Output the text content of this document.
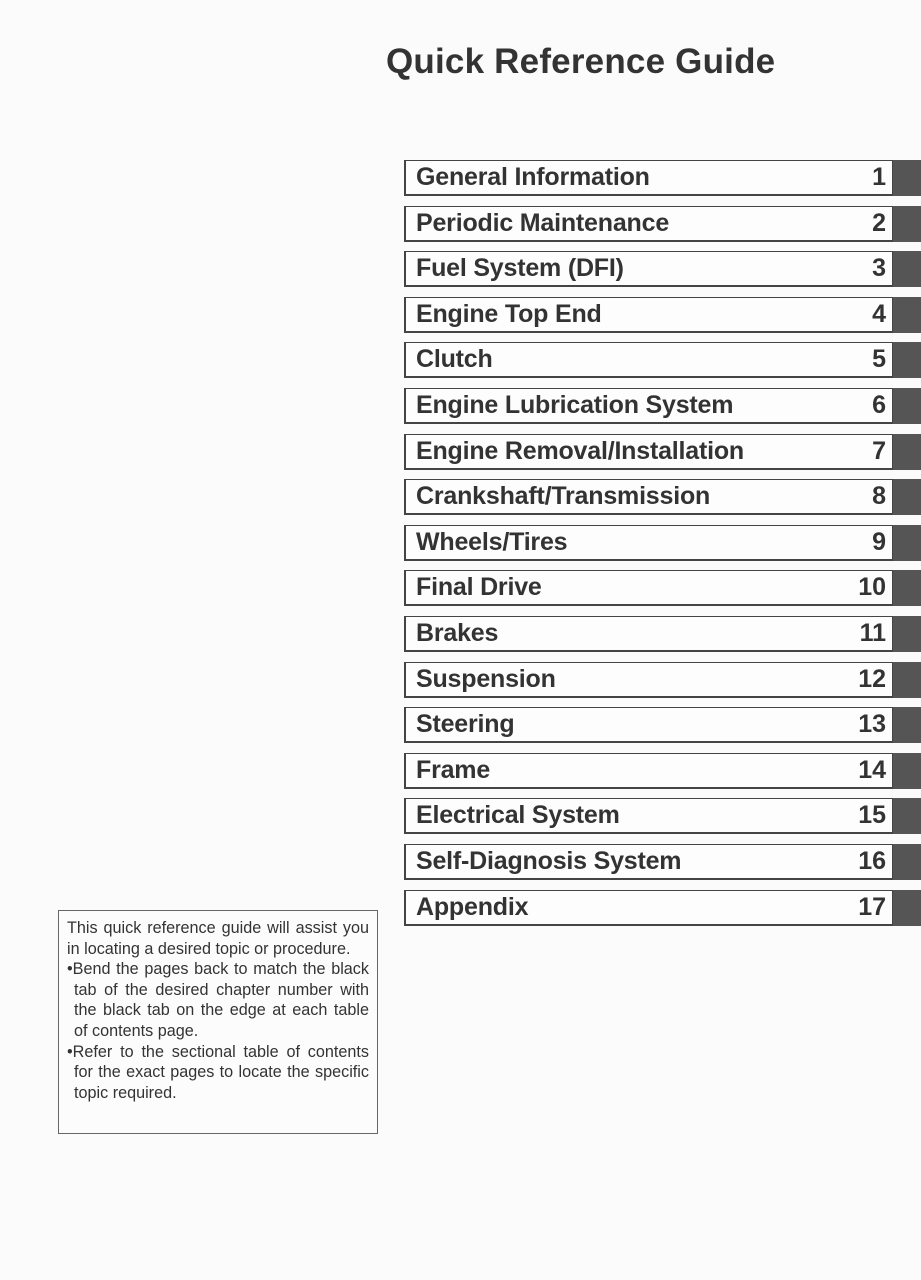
Quick Reference Guide
General Information	1
Periodic Maintenance	2
Fuel System (DFI)	3
Engine Top End	4
Clutch	5
Engine Lubrication System	6
Engine Removal/Installation	7
Crankshaft/Transmission	8
Wheels/Tires	9
Final Drive	10
Brakes	11
Suspension	12
Steering	13
Frame	14
Electrical System	15
Self-Diagnosis System	16
Appendix	17

This quick reference guide will assist you in locating a desired topic or procedure.

•Bend the pages back to match the black tab of the desired chapter number with the black tab on the edge at each table of contents page.

•Refer to the sectional table of contents for the exact pages to locate the specific topic required.
